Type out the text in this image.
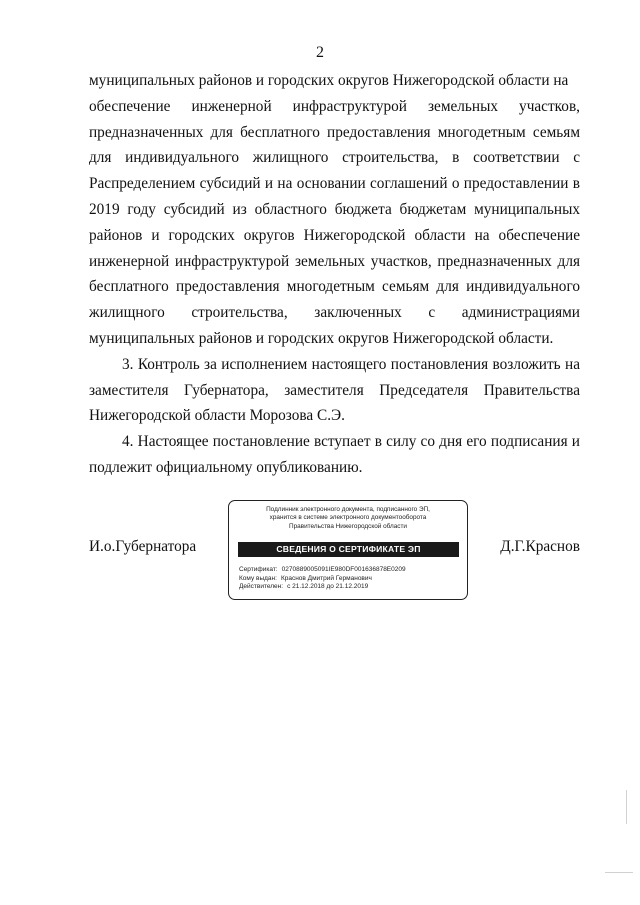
2
муниципальных районов и городских округов Нижегородской области на
обеспечение инженерной инфраструктурой земельных участков,
предназначенных для бесплатного предоставления многодетным семьям
для индивидуального жилищного строительства, в соответствии с
Распределением субсидий и на основании соглашений о предоставлении в
2019 году субсидий из областного бюджета бюджетам муниципальных
районов и городских округов Нижегородской области на обеспечение
инженерной инфраструктурой земельных участков, предназначенных для
бесплатного предоставления многодетным семьям для индивидуального
жилищного строительства, заключенных с администрациями
муниципальных районов и городских округов Нижегородской области.
3. Контроль за исполнением настоящего постановления возложить на
заместителя Губернатора, заместителя Председателя Правительства
Нижегородской области Морозова С.Э.
4. Настоящее постановление вступает в силу со дня его подписания и
подлежит официальному опубликованию.
И.о.Губернатора
Подлинник электронного документа, подписанного ЭП,
хранится в системе электронного документооборота
Правительства Нижегородской области
СВЕДЕНИЯ О СЕРТИФИКАТЕ ЭП
Сертификат: 0270889005091IE980DF001636878E0209
Кому выдан: Краснов Дмитрий Германович
Действителен: с 21.12.2018 до 21.12.2019
Д.Г.Краснов
